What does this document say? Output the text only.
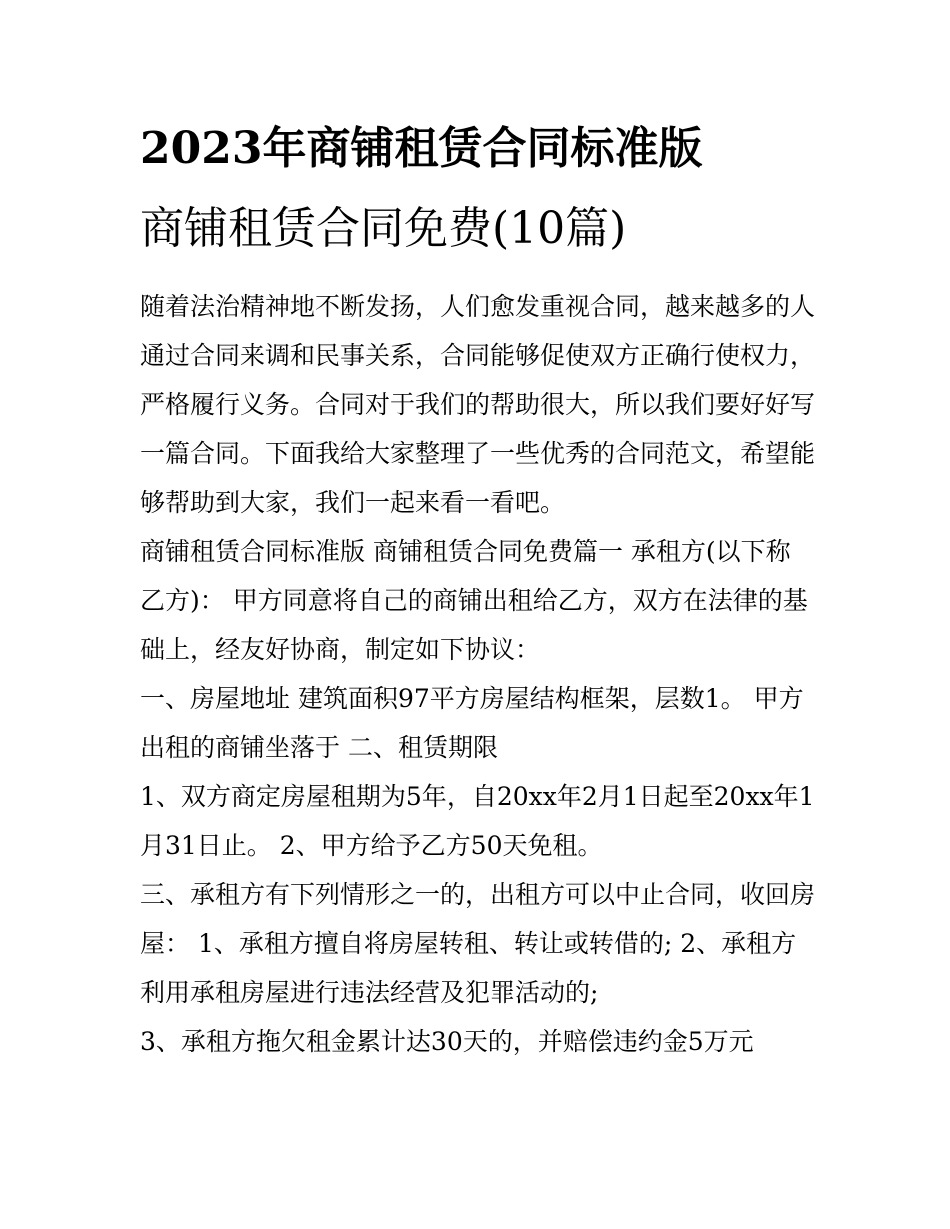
2023年商铺租赁合同标准版
商铺租赁合同免费(10篇)

随着法治精神地不断发扬，人们愈发重视合同，越来越多的人通过合同来调和民事关系，合同能够促使双方正确行使权力，严格履行义务。合同对于我们的帮助很大，所以我们要好好写一篇合同。下面我给大家整理了一些优秀的合同范文，希望能够帮助到大家，我们一起来看一看吧。

商铺租赁合同标准版 商铺租赁合同免费篇一 承租方(以下称乙方)： 甲方同意将自己的商铺出租给乙方，双方在法律的基础上，经友好协商，制定如下协议：

一、房屋地址 建筑面积97平方房屋结构框架，层数1。 甲方出租的商铺坐落于 二、租赁期限

1、双方商定房屋租期为5年，自20xx年2月1日起至20xx年1月31日止。 2、甲方给予乙方50天免租。

三、承租方有下列情形之一的，出租方可以中止合同，收回房屋： 1、承租方擅自将房屋转租、转让或转借的; 2、承租方利用承租房屋进行违法经营及犯罪活动的;

3、承租方拖欠租金累计达30天的，并赔偿违约金5万元
